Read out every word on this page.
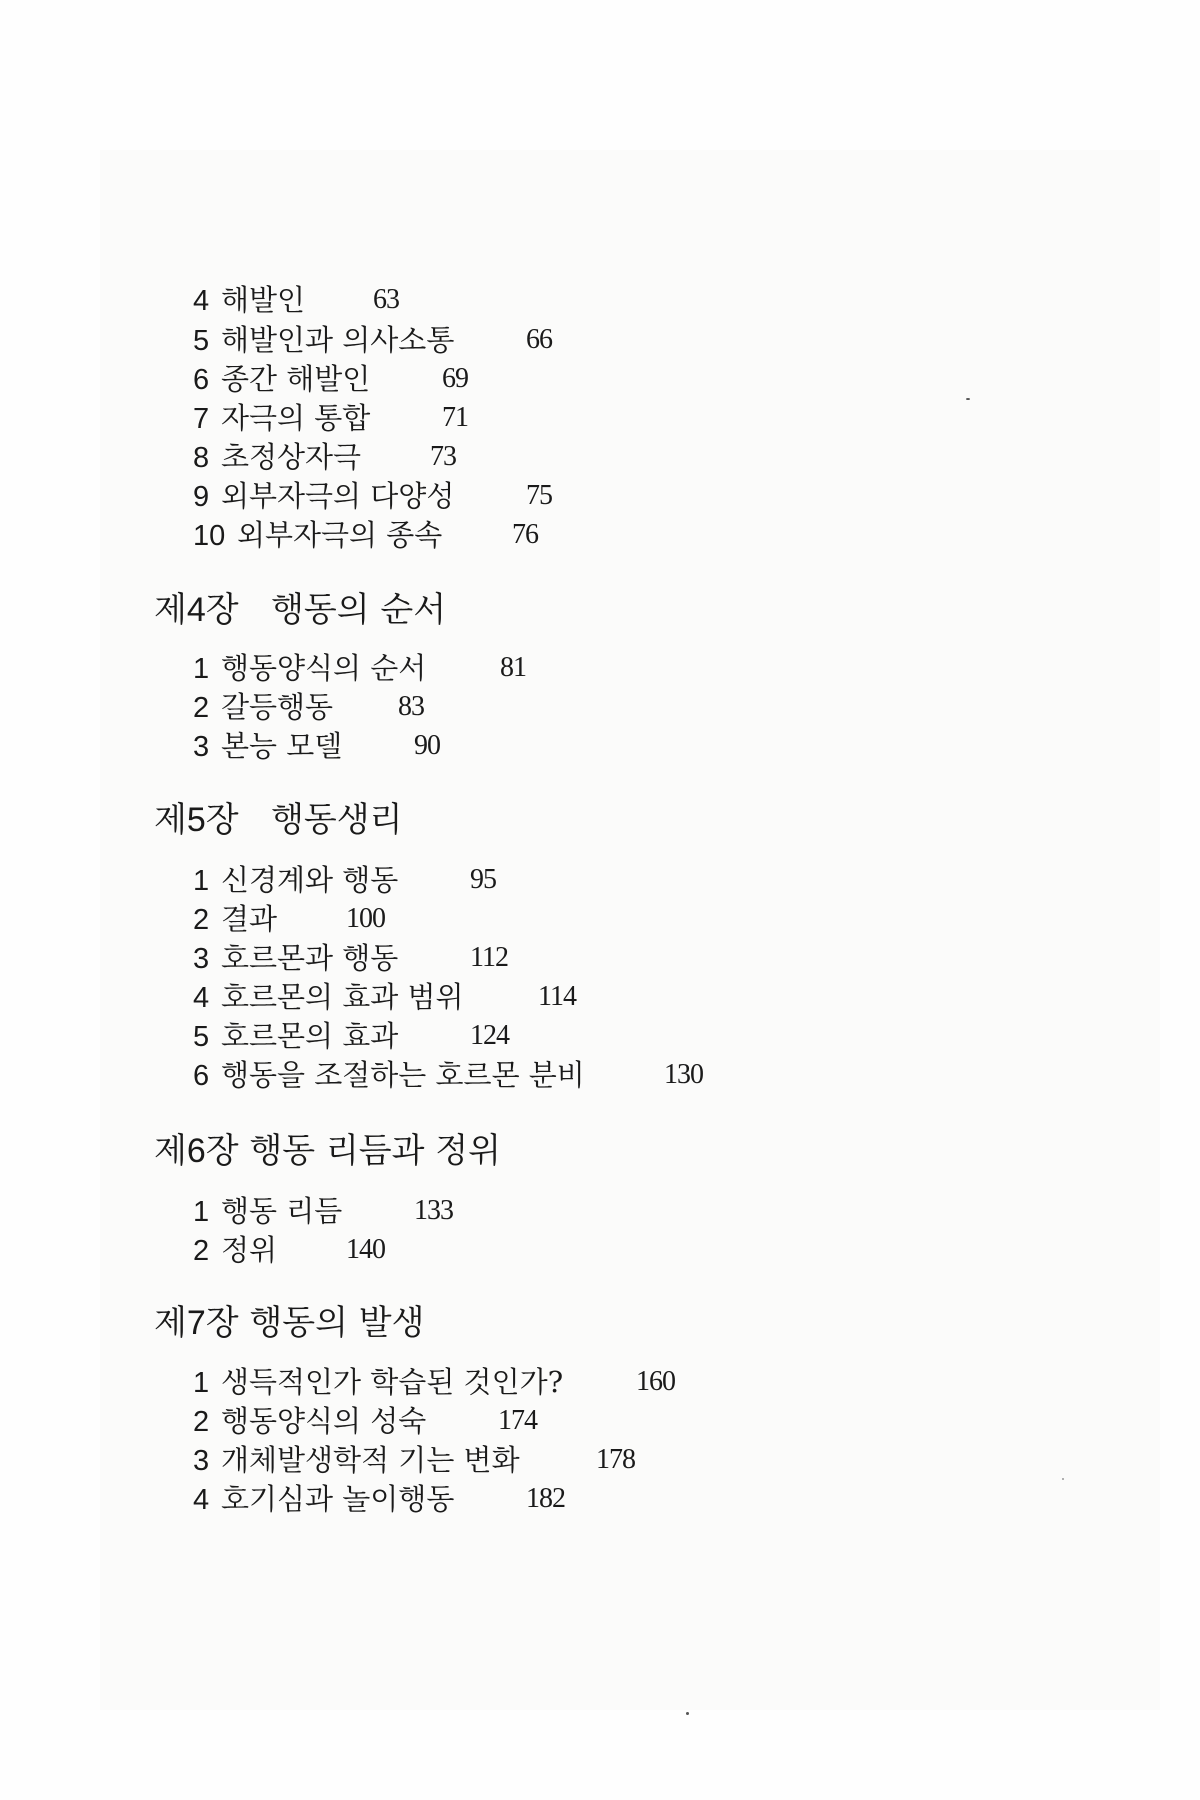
4 해발인 63
5 해발인과 의사소통	66
6 종간 해발인	69
7 자극의 통합	71
8 초정상자극 73
9 외부자극의 다양성	75
10 외부자극의 종속 76
제4장 행동의 순서
1 행동양식의 순서	81
2 갈등행동 83
3 본능 모델	90
제5장 행동생리
1 신경계와 행동	95
2 결과 100
3 호르몬과 행동	112
4 호르몬의 효과 범위	114
5 호르몬의 효과	124
6 행동을 조절하는 호르몬 분비	130
제6장 행동 리듬과 정위
1 행동 리듬	133
2 정위 140
제7장 행동의 발생
1 생득적인가 학습된 것인가?	160
2 행동양식의 성숙	174
3 개체발생학적 기는 변화	178
4 호기심과 놀이행동	182
